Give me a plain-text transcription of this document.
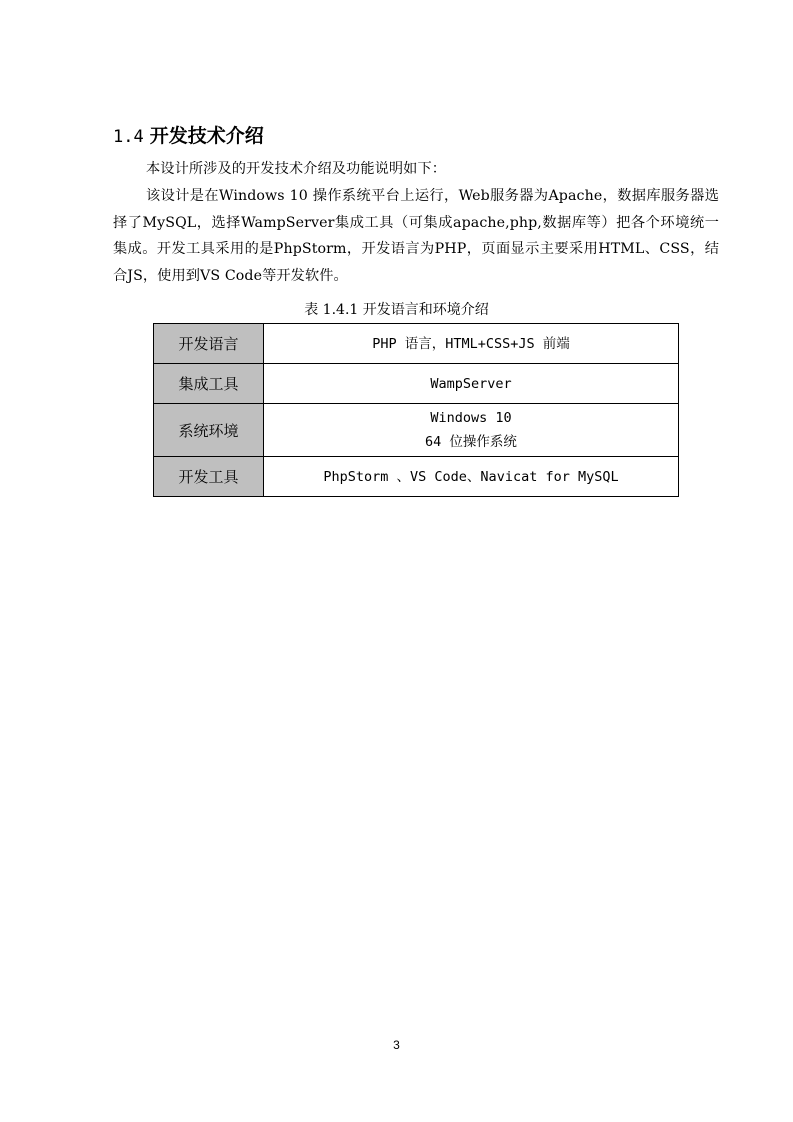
1.4 开发技术介绍

本设计所涉及的开发技术介绍及功能说明如下：

该设计是在Windows 10 操作系统平台上运行，Web服务器为Apache，数据库服务器选择了MySQL，选择WampServer集成工具（可集成apache,php,数据库等）把各个环境统一集成。开发工具采用的是PhpStorm，开发语言为PHP，页面显示主要采用HTML、CSS，结合JS，使用到VS Code等开发软件。

表 1.4.1 开发语言和环境介绍
开发语言	PHP 语言，HTML+CSS+JS 前端

集成工具	WampServer

系统环境	Windows 10
64 位操作系统

开发工具	PhpStorm 、VS Code、Navicat for MySQL
3
